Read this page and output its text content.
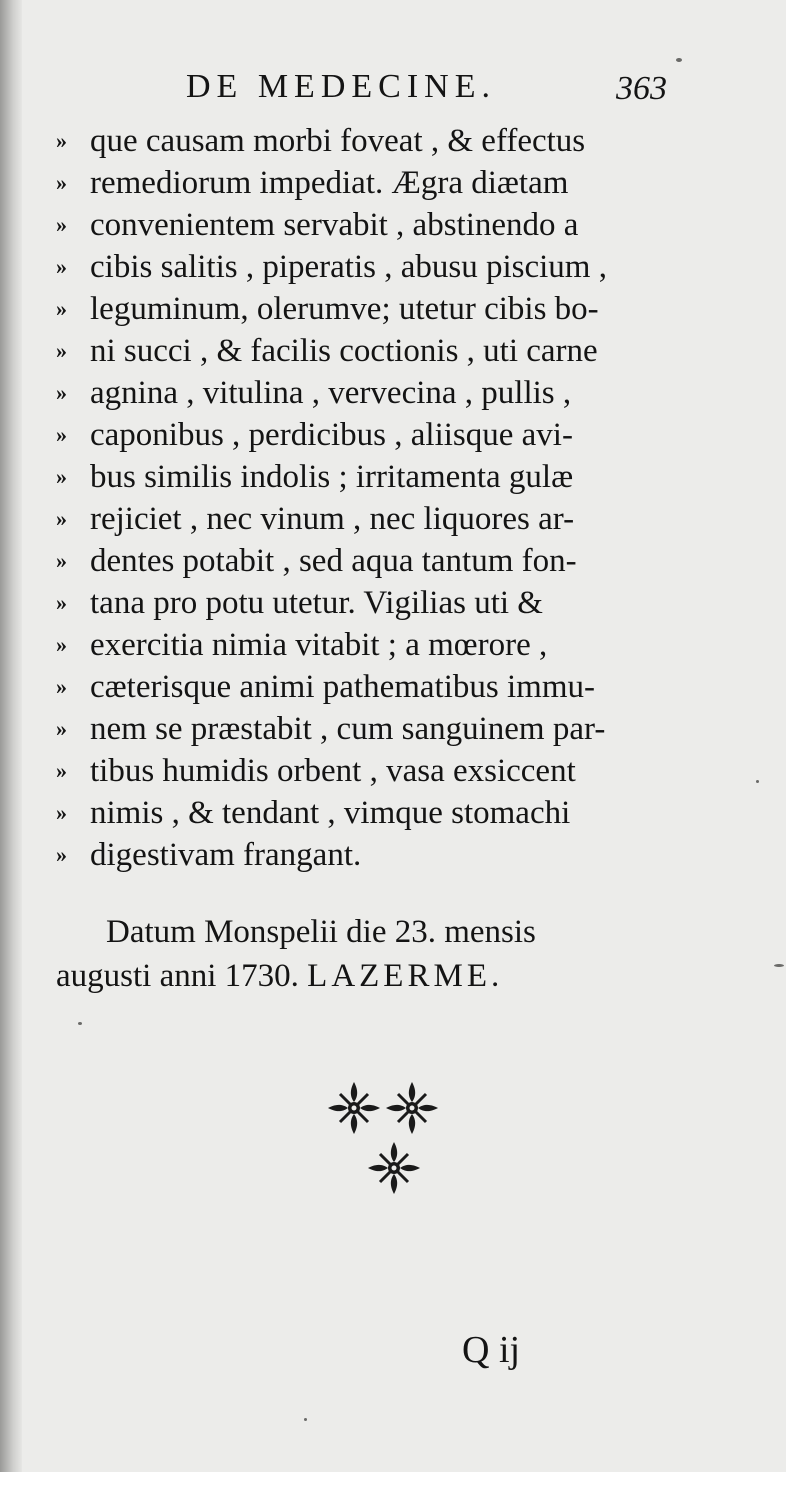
DE MEDECINE.	363
» que causam morbi foveat , & effectus
» remediorum impediat. Ægra diætam
» convenientem servabit , abstinendo a
» cibis salitis , piperatis , abusu piscium ,
» leguminum, olerumve; utetur cibis bo-
» ni succi , & facilis coctionis , uti carne
» agnina , vitulina , vervecina , pullis ,
» caponibus , perdicibus , aliisque avi-
» bus similis indolis ; irritamenta gulæ
» rejiciet , nec vinum , nec liquores ar-
» dentes potabit , sed aqua tantum fon-
» tana pro potu utetur. Vigilias uti &
» exercitia nimia vitabit ; a mœrore ,
» cæterisque animi pathematibus immu-
» nem se præstabit , cum sanguinem par-
» tibus humidis orbent , vasa exsiccent
» nimis , & tendant , vimque stomachi
» digestivam frangant.
Datum Monspelii die 23. mensis
augusti anni 1730. LAZERME.
Q ij
